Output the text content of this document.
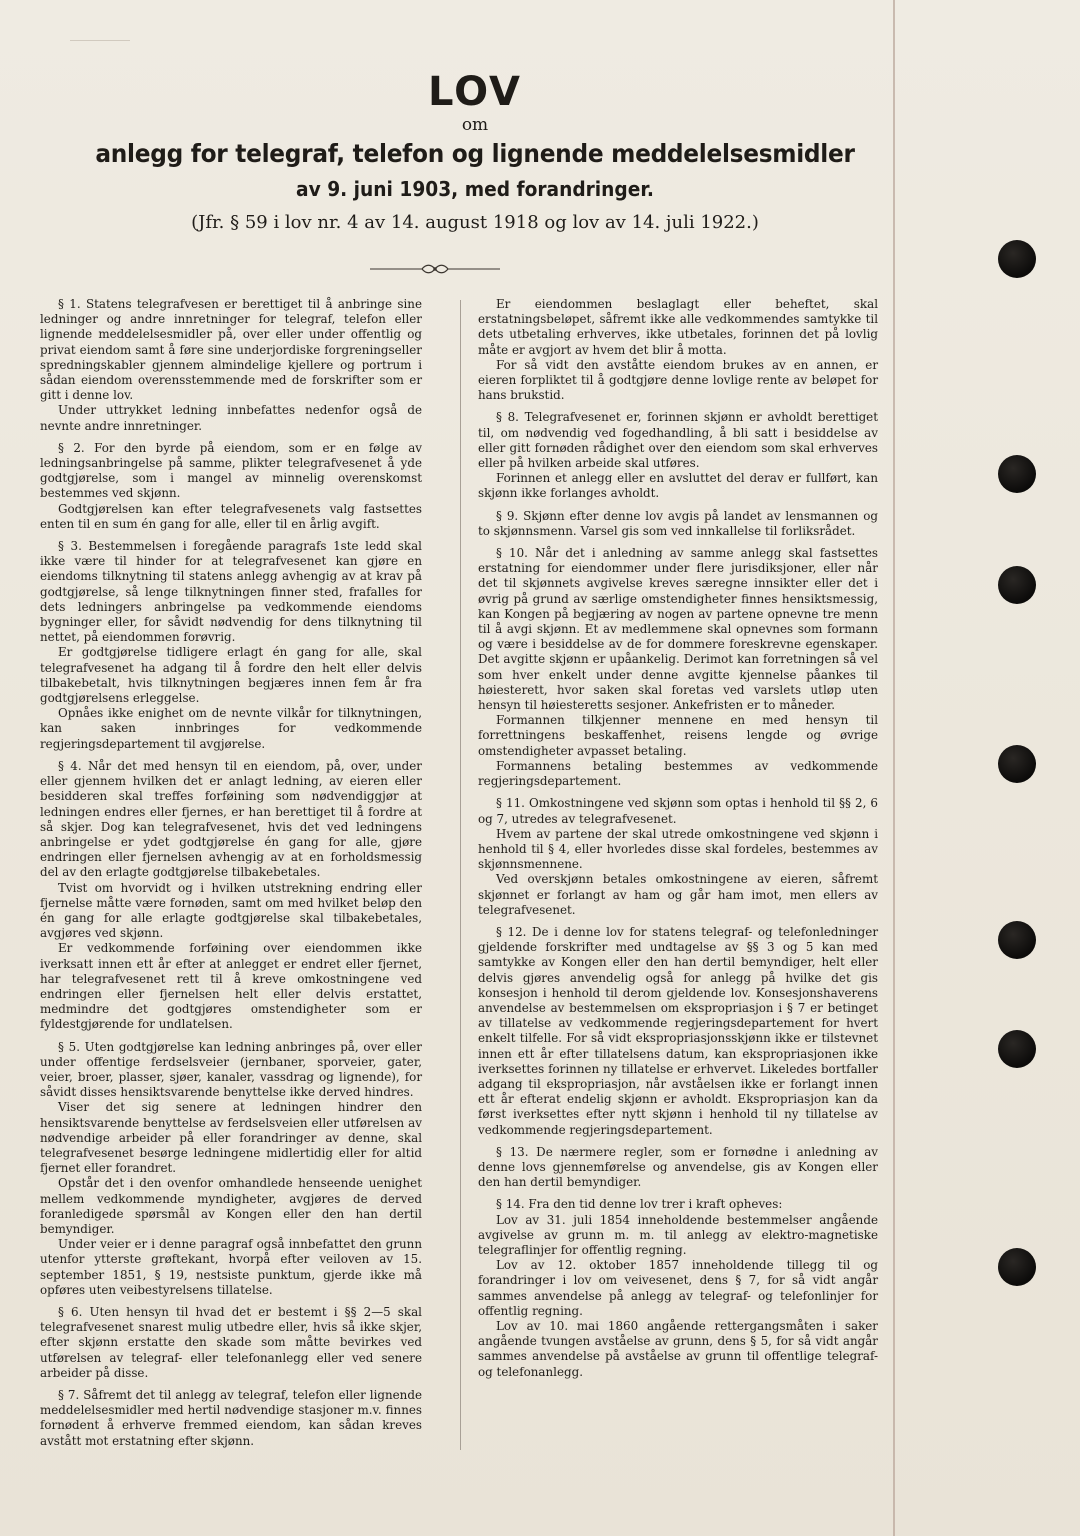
LOV

om

anlegg for telegraf, telefon og lignende meddelelsesmidler

av 9. juni 1903, med forandringer.

(Jfr. § 59 i lov nr. 4 av 14. august 1918 og lov av 14. juli 1922.)

§ 1. Statens telegrafvesen er berettiget til å anbringe sine ledninger og andre innretninger for telegraf, telefon eller lignende meddelelsesmidler på, over eller under offentlig og privat eiendom samt å føre sine underjordiske forgreningseller spredningskabler gjennem almindelige kjellere og portrum i sådan eiendom overensstemmende med de forskrifter som er gitt i denne lov.

Under uttrykket ledning innbefattes nedenfor også de nevnte andre innretninger.

§ 2. For den byrde på eiendom, som er en følge av ledningsanbringelse på samme, plikter telegrafvesenet å yde godtgjørelse, som i mangel av minnelig overenskomst bestemmes ved skjønn.

Godtgjørelsen kan efter telegrafvesenets valg fastsettes enten til en sum én gang for alle, eller til en årlig avgift.

§ 3. Bestemmelsen i foregående paragrafs 1ste ledd skal ikke være til hinder for at telegrafvesenet kan gjøre en eiendoms tilknytning til statens anlegg avhengig av at krav på godtgjørelse, så lenge tilknytningen finner sted, frafalles for dets ledningers anbringelse pa vedkommende eiendoms bygninger eller, for såvidt nødvendig for dens tilknytning til nettet, på eiendommen forøvrig.

Er godtgjørelse tidligere erlagt én gang for alle, skal telegrafvesenet ha adgang til å fordre den helt eller delvis tilbakebetalt, hvis tilknytningen begjæres innen fem år fra godtgjørelsens erleggelse.

Opnåes ikke enighet om de nevnte vilkår for tilknytningen, kan saken innbringes for vedkommende regjeringsdepartement til avgjørelse.

§ 4. Når det med hensyn til en eiendom, på, over, under eller gjennem hvilken det er anlagt ledning, av eieren eller besidderen skal treffes forføining som nødvendiggjør at ledningen endres eller fjernes, er han berettiget til å fordre at så skjer. Dog kan telegrafvesenet, hvis det ved ledningens anbringelse er ydet godtgjørelse én gang for alle, gjøre endringen eller fjernelsen avhengig av at en forholdsmessig del av den erlagte godtgjørelse tilbakebetales.

Tvist om hvorvidt og i hvilken utstrekning endring eller fjernelse måtte være fornøden, samt om med hvilket beløp den én gang for alle erlagte godtgjørelse skal tilbakebetales, avgjøres ved skjønn.

Er vedkommende forføining over eiendommen ikke iverksatt innen ett år efter at anlegget er endret eller fjernet, har telegrafvesenet rett til å kreve omkostningene ved endringen eller fjernelsen helt eller delvis erstattet, medmindre det godtgjøres omstendigheter som er fyldestgjørende for undlatelsen.

§ 5. Uten godtgjørelse kan ledning anbringes på, over eller under offentige ferdselsveier (jernbaner, sporveier, gater, veier, broer, plasser, sjøer, kanaler, vassdrag og lignende), for såvidt disses hensiktsvarende benyttelse ikke derved hindres.

Viser det sig senere at ledningen hindrer den hensiktsvarende benyttelse av ferdselsveien eller utførelsen av nødvendige arbeider på eller forandringer av denne, skal telegrafvesenet besørge ledningene midlertidig eller for altid fjernet eller forandret.

Opstår det i den ovenfor omhandlede henseende uenighet mellem vedkommende myndigheter, avgjøres de derved foranledigede spørsmål av Kongen eller den han dertil bemyndiger.

Under veier er i denne paragraf også innbefattet den grunn utenfor ytterste grøftekant, hvorpå efter veiloven av 15. september 1851, § 19, nestsiste punktum, gjerde ikke må opføres uten veibestyrelsens tillatelse.

§ 6. Uten hensyn til hvad det er bestemt i §§ 2—5 skal telegrafvesenet snarest mulig utbedre eller, hvis så ikke skjer, efter skjønn erstatte den skade som måtte bevirkes ved utførelsen av telegraf- eller telefonanlegg eller ved senere arbeider på disse.

§ 7. Såfremt det til anlegg av telegraf, telefon eller lignende meddelelsesmidler med hertil nødvendige stasjoner m.v. finnes fornødent å erhverve fremmed eiendom, kan sådan kreves avstått mot erstatning efter skjønn.

Er eiendommen beslaglagt eller beheftet, skal erstatningsbeløpet, såfremt ikke alle vedkommendes samtykke til dets utbetaling erhverves, ikke utbetales, forinnen det på lovlig måte er avgjort av hvem det blir å motta.

For så vidt den avståtte eiendom brukes av en annen, er eieren forpliktet til å godtgjøre denne lovlige rente av beløpet for hans brukstid.

§ 8. Telegrafvesenet er, forinnen skjønn er avholdt berettiget til, om nødvendig ved fogedhandling, å bli satt i besiddelse av eller gitt fornøden rådighet over den eiendom som skal erhverves eller på hvilken arbeide skal utføres.

Forinnen et anlegg eller en avsluttet del derav er fullført, kan skjønn ikke forlanges avholdt.

§ 9. Skjønn efter denne lov avgis på landet av lensmannen og to skjønnsmenn. Varsel gis som ved innkallelse til forliksrådet.

§ 10. Når det i anledning av samme anlegg skal fastsettes erstatning for eiendommer under flere jurisdiksjoner, eller når det til skjønnets avgivelse kreves særegne innsikter eller det i øvrig på grund av særlige omstendigheter finnes hensiktsmessig, kan Kongen på begjæring av nogen av partene opnevne tre menn til å avgi skjønn. Et av medlemmene skal opnevnes som formann og være i besiddelse av de for dommere foreskrevne egenskaper. Det avgitte skjønn er upåankelig. Derimot kan forretningen så vel som hver enkelt under denne avgitte kjennelse påankes til høiesterett, hvor saken skal foretas ved varslets utløp uten hensyn til høiesteretts sesjoner. Ankefristen er to måneder.

Formannen tilkjenner mennene en med hensyn til forrettningens beskaffenhet, reisens lengde og øvrige omstendigheter avpasset betaling.

Formannens betaling bestemmes av vedkommende regjeringsdepartement.

§ 11. Omkostningene ved skjønn som optas i henhold til §§ 2, 6 og 7, utredes av telegrafvesenet.

Hvem av partene der skal utrede omkostningene ved skjønn i henhold til § 4, eller hvorledes disse skal fordeles, bestemmes av skjønnsmennene.

Ved overskjønn betales omkostningene av eieren, såfremt skjønnet er forlangt av ham og går ham imot, men ellers av telegrafvesenet.

§ 12. De i denne lov for statens telegraf- og telefonledninger gjeldende forskrifter med undtagelse av §§ 3 og 5 kan med samtykke av Kongen eller den han dertil bemyndiger, helt eller delvis gjøres anvendelig også for anlegg på hvilke det gis konsesjon i henhold til derom gjeldende lov. Konsesjonshaverens anvendelse av bestemmelsen om ekspropriasjon i § 7 er betinget av tillatelse av vedkommende regjeringsdepartement for hvert enkelt tilfelle. For så vidt ekspropriasjonsskjønn ikke er tilstevnet innen ett år efter tillatelsens datum, kan ekspropriasjonen ikke iverksettes forinnen ny tillatelse er erhvervet. Likeledes bortfaller adgang til ekspropriasjon, når avståelsen ikke er forlangt innen ett år efterat endelig skjønn er avholdt. Ekspropriasjon kan da først iverksettes efter nytt skjønn i henhold til ny tillatelse av vedkommende regjeringsdepartement.

§ 13. De nærmere regler, som er fornødne i anledning av denne lovs gjennemførelse og anvendelse, gis av Kongen eller den han dertil bemyndiger.

§ 14. Fra den tid denne lov trer i kraft opheves:

Lov av 31. juli 1854 inneholdende bestemmelser angående avgivelse av grunn m. m. til anlegg av elektro-magnetiske telegraflinjer for offentlig regning.

Lov av 12. oktober 1857 inneholdende tillegg til og forandringer i lov om veivesenet, dens § 7, for så vidt angår sammes anvendelse på anlegg av telegraf- og telefonlinjer for offentlig regning.

Lov av 10. mai 1860 angående rettergangsmåten i saker angående tvungen avståelse av grunn, dens § 5, for så vidt angår sammes anvendelse på avståelse av grunn til offentlige telegraf- og telefonanlegg.
